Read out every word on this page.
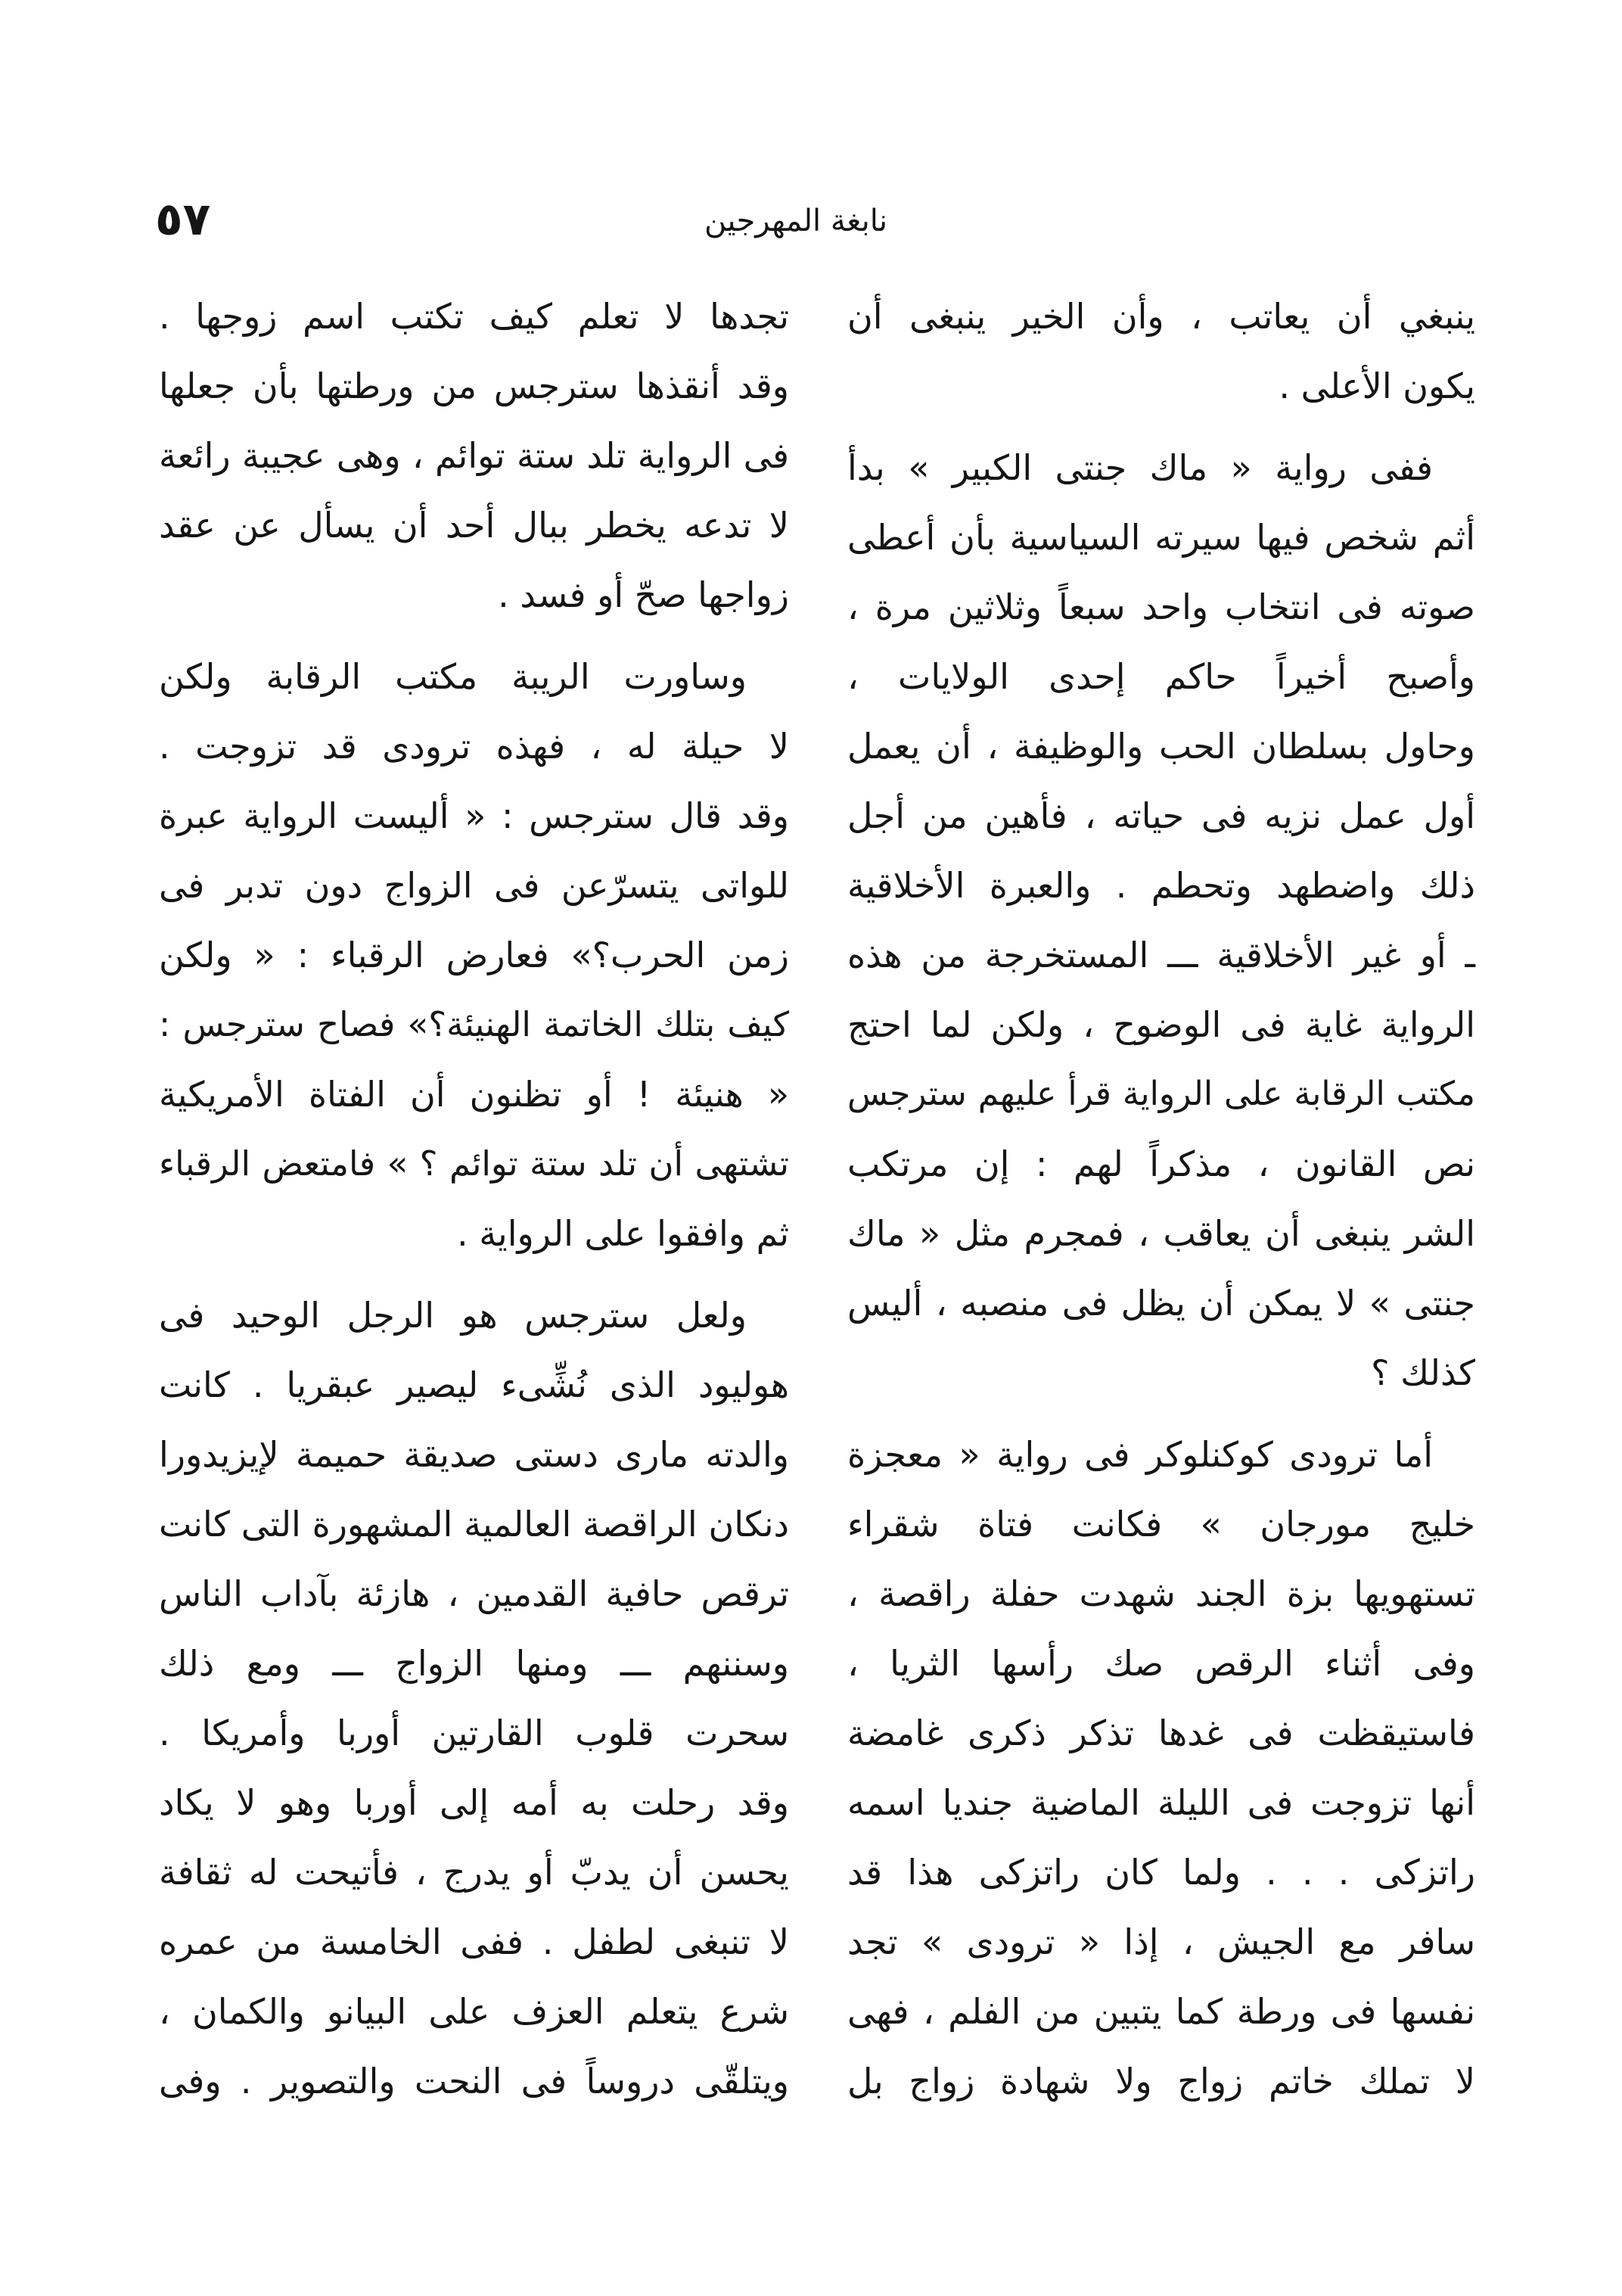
نابغة المهرجين
٥٧
ينبغي أن يعاتب ، وأن الخير ينبغى أن
يكون الأعلى .
ففى رواية « ماك جنتى الكبير » بدأ
أثم شخص فيها سيرته السياسية بأن أعطى
صوته فى انتخاب واحد سبعاً وثلاثين مرة ،
وأصبح أخيراً حاكم إحدى الولايات ،
وحاول بسلطان الحب والوظيفة ، أن يعمل
أول عمل نزيه فى حياته ، فأهين من أجل
ذلك واضطهد وتحطم . والعبرة الأخلاقية
ـ أو غير الأخلاقية ـــ المستخرجة من هذه
الرواية غاية فى الوضوح ، ولكن لما احتج
مكتب الرقابة على الرواية قرأ عليهم سترجس
نص القانون ، مذكراً لهم : إن مرتكب
الشر ينبغى أن يعاقب ، فمجرم مثل « ماك
جنتى » لا يمكن أن يظل فى منصبه ، أليس
كذلك ؟
أما ترودى كوكنلوكر فى رواية « معجزة
خليج مورجان » فكانت فتاة شقراء
تستهويها بزة الجند شهدت حفلة راقصة ،
وفى أثناء الرقص صك رأسها الثريا ،
فاستيقظت فى غدها تذكر ذكرى غامضة
أنها تزوجت فى الليلة الماضية جنديا اسمه
راتزكى . . . ولما كان راتزكى هذا قد
سافر مع الجيش ، إذا « ترودى » تجد
نفسها فى ورطة كما يتبين من الفلم ، فهى
لا تملك خاتم زواج ولا شهادة زواج بل
تجدها لا تعلم كيف تكتب اسم زوجها .
وقد أنقذها سترجس من ورطتها بأن جعلها
فى الرواية تلد ستة توائم ، وهى عجيبة رائعة
لا تدعه يخطر ببال أحد أن يسأل عن عقد
زواجها صحّ أو فسد .
وساورت الريبة مكتب الرقابة ولكن
لا حيلة له ، فهذه ترودى قد تزوجت .
وقد قال سترجس : « أليست الرواية عبرة
للواتى يتسرّعن فى الزواج دون تدبر فى
زمن الحرب؟» فعارض الرقباء : « ولكن
كيف بتلك الخاتمة الهنيئة؟» فصاح سترجس :
« هنيئة ! أو تظنون أن الفتاة الأمريكية
تشتهى أن تلد ستة توائم ؟ » فامتعض الرقباء
ثم وافقوا على الرواية .
ولعل سترجس هو الرجل الوحيد فى
هوليود الذى نُشِّىء ليصير عبقريا . كانت
والدته مارى دستى صديقة حميمة لإيزيدورا
دنكان الراقصة العالمية المشهورة التى كانت
ترقص حافية القدمين ، هازئة بآداب الناس
وسننهم ـــ ومنها الزواج ـــ ومع ذلك
سحرت قلوب القارتين أوربا وأمريكا .
وقد رحلت به أمه إلى أوربا وهو لا يكاد
يحسن أن يدبّ أو يدرج ، فأتيحت له ثقافة
لا تنبغى لطفل . ففى الخامسة من عمره
شرع يتعلم العزف على البيانو والكمان ،
ويتلقّى دروساً فى النحت والتصوير . وفى
